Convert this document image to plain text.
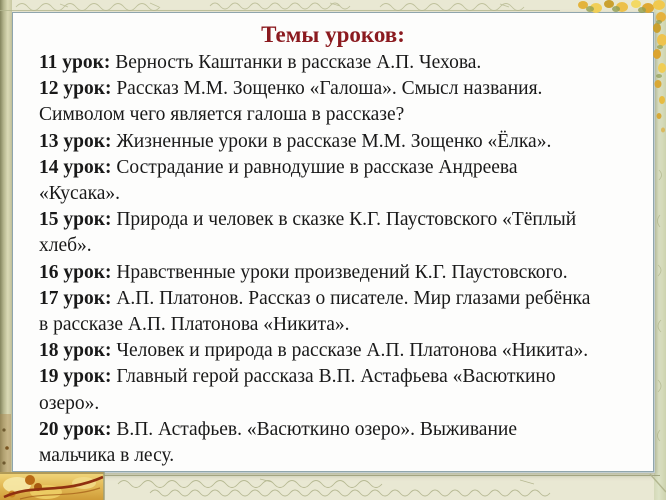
Темы уроков:
11 урок: Верность Каштанки в рассказе А.П. Чехова.
12 урок: Рассказ М.М. Зощенко «Галоша». Смысл названия.
Символом чего является галоша в рассказе?
13 урок: Жизненные уроки в рассказе М.М. Зощенко «Ёлка».
14 урок: Сострадание и равнодушие в рассказе Андреева
«Кусака».
15 урок: Природа и человек в сказке К.Г. Паустовского «Тёплый
хлеб».
16 урок: Нравственные уроки произведений К.Г. Паустовского.
17 урок: А.П. Платонов. Рассказ о писателе. Мир глазами ребёнка
в рассказе А.П. Платонова «Никита».
18 урок: Человек и природа в рассказе А.П. Платонова «Никита».
19 урок: Главный герой рассказа В.П. Астафьева «Васюткино
озеро».
20 урок: В.П. Астафьев. «Васюткино озеро». Выживание
мальчика в лесу.
